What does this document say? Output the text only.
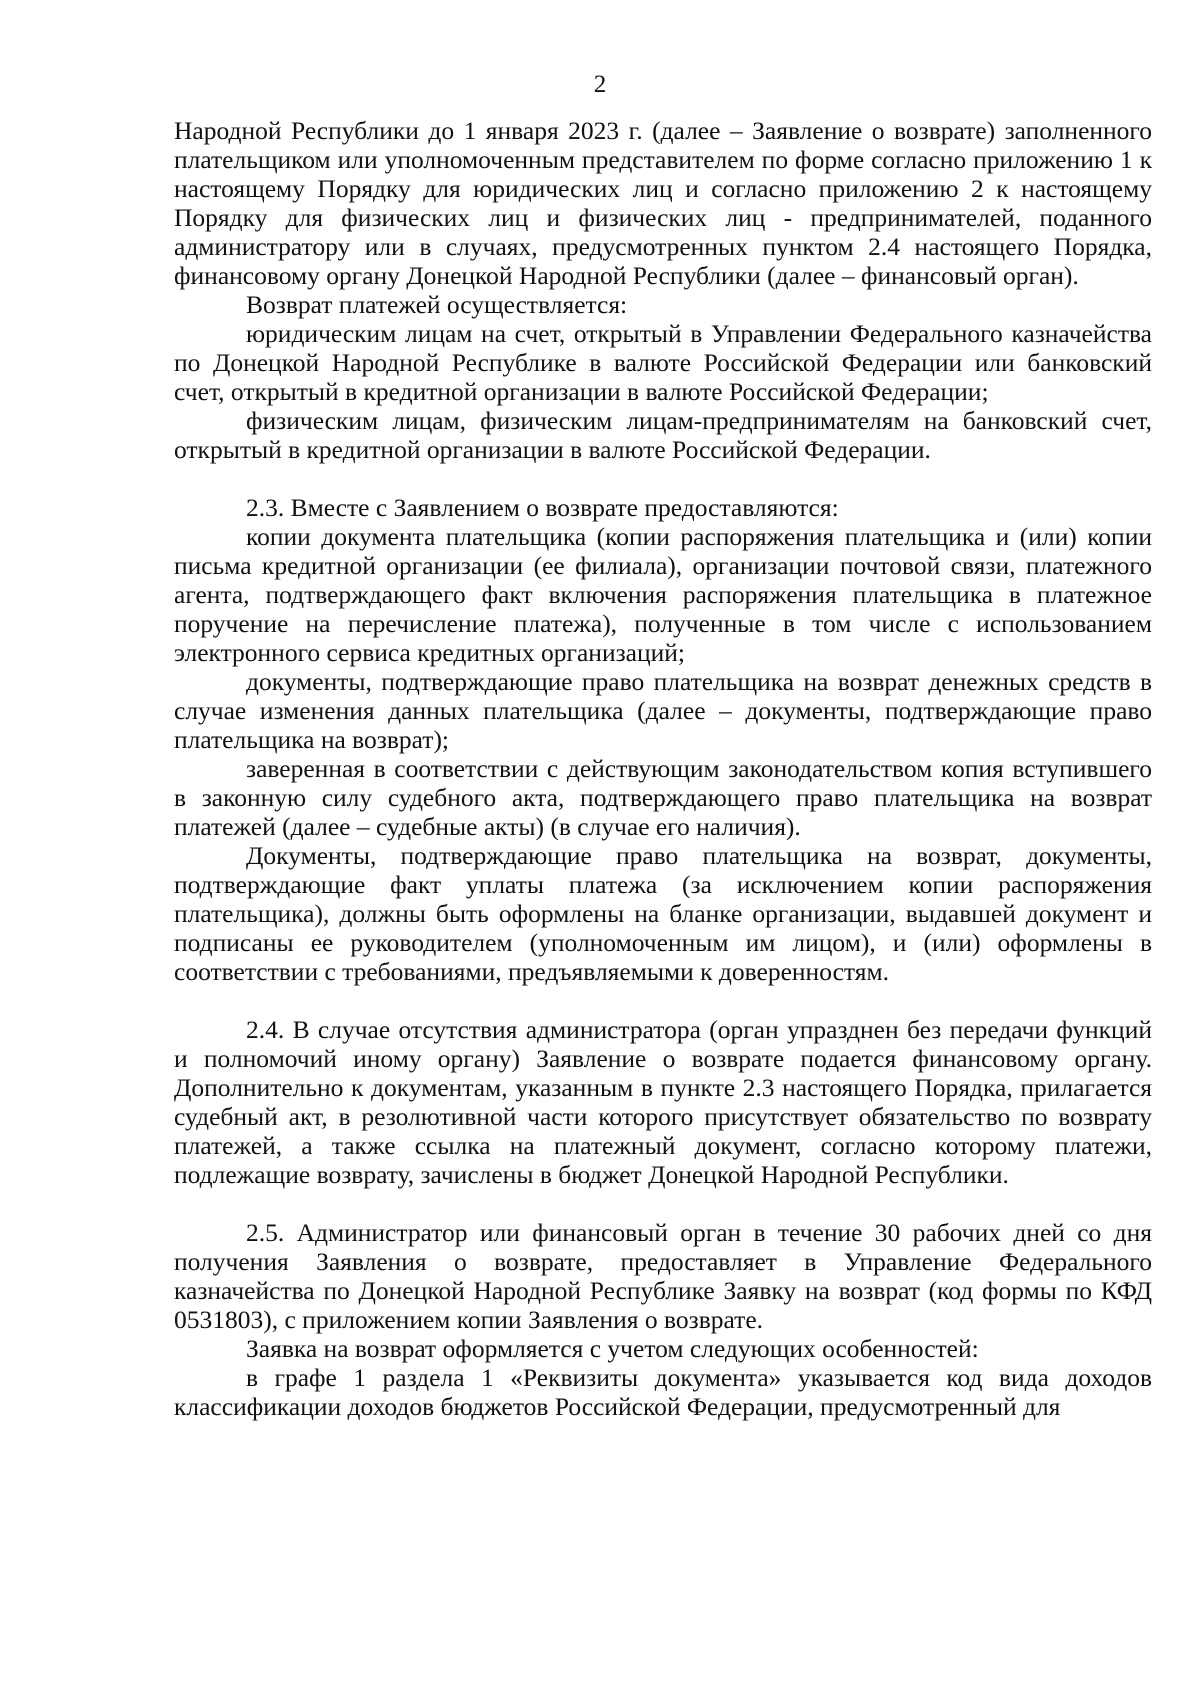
2

Народной Республики до 1 января 2023 г. (далее – Заявление о возврате) заполненного плательщиком или уполномоченным представителем по форме согласно приложению 1 к настоящему Порядку для юридических лиц и согласно приложению 2 к настоящему Порядку для физических лиц и физических лиц - предпринимателей, поданного администратору или в случаях, предусмотренных пунктом 2.4 настоящего Порядка, финансовому органу Донецкой Народной Республики (далее – финансовый орган).

Возврат платежей осуществляется:

юридическим лицам на счет, открытый в Управлении Федерального казначейства по Донецкой Народной Республике в валюте Российской Федерации или банковский счет, открытый в кредитной организации в валюте Российской Федерации;

физическим лицам, физическим лицам-предпринимателям на банковский счет, открытый в кредитной организации в валюте Российской Федерации.

2.3. Вместе с Заявлением о возврате предоставляются:

копии документа плательщика (копии распоряжения плательщика и (или) копии письма кредитной организации (ее филиала), организации почтовой связи, платежного агента, подтверждающего факт включения распоряжения плательщика в платежное поручение на перечисление платежа), полученные в том числе с использованием электронного сервиса кредитных организаций;

документы, подтверждающие право плательщика на возврат денежных средств в случае изменения данных плательщика (далее – документы, подтверждающие право плательщика на возврат);

заверенная в соответствии с действующим законодательством копия вступившего в законную силу судебного акта, подтверждающего право плательщика на возврат платежей (далее – судебные акты) (в случае его наличия).

Документы, подтверждающие право плательщика на возврат, документы, подтверждающие факт уплаты платежа (за исключением копии распоряжения плательщика), должны быть оформлены на бланке организации, выдавшей документ и подписаны ее руководителем (уполномоченным им лицом), и (или) оформлены в соответствии с требованиями, предъявляемыми к доверенностям.

2.4. В случае отсутствия администратора (орган упразднен без передачи функций и полномочий иному органу) Заявление о возврате подается финансовому органу. Дополнительно к документам, указанным в пункте 2.3 настоящего Порядка, прилагается судебный акт, в резолютивной части которого присутствует обязательство по возврату платежей, а также ссылка на платежный документ, согласно которому платежи, подлежащие возврату, зачислены в бюджет Донецкой Народной Республики.

2.5. Администратор или финансовый орган в течение 30 рабочих дней со дня получения Заявления о возврате, предоставляет в Управление Федерального казначейства по Донецкой Народной Республике Заявку на возврат (код формы по КФД 0531803), с приложением копии Заявления о возврате.

Заявка на возврат оформляется с учетом следующих особенностей:

в графе 1 раздела 1 «Реквизиты документа» указывается код вида доходов классификации доходов бюджетов Российской Федерации, предусмотренный для
